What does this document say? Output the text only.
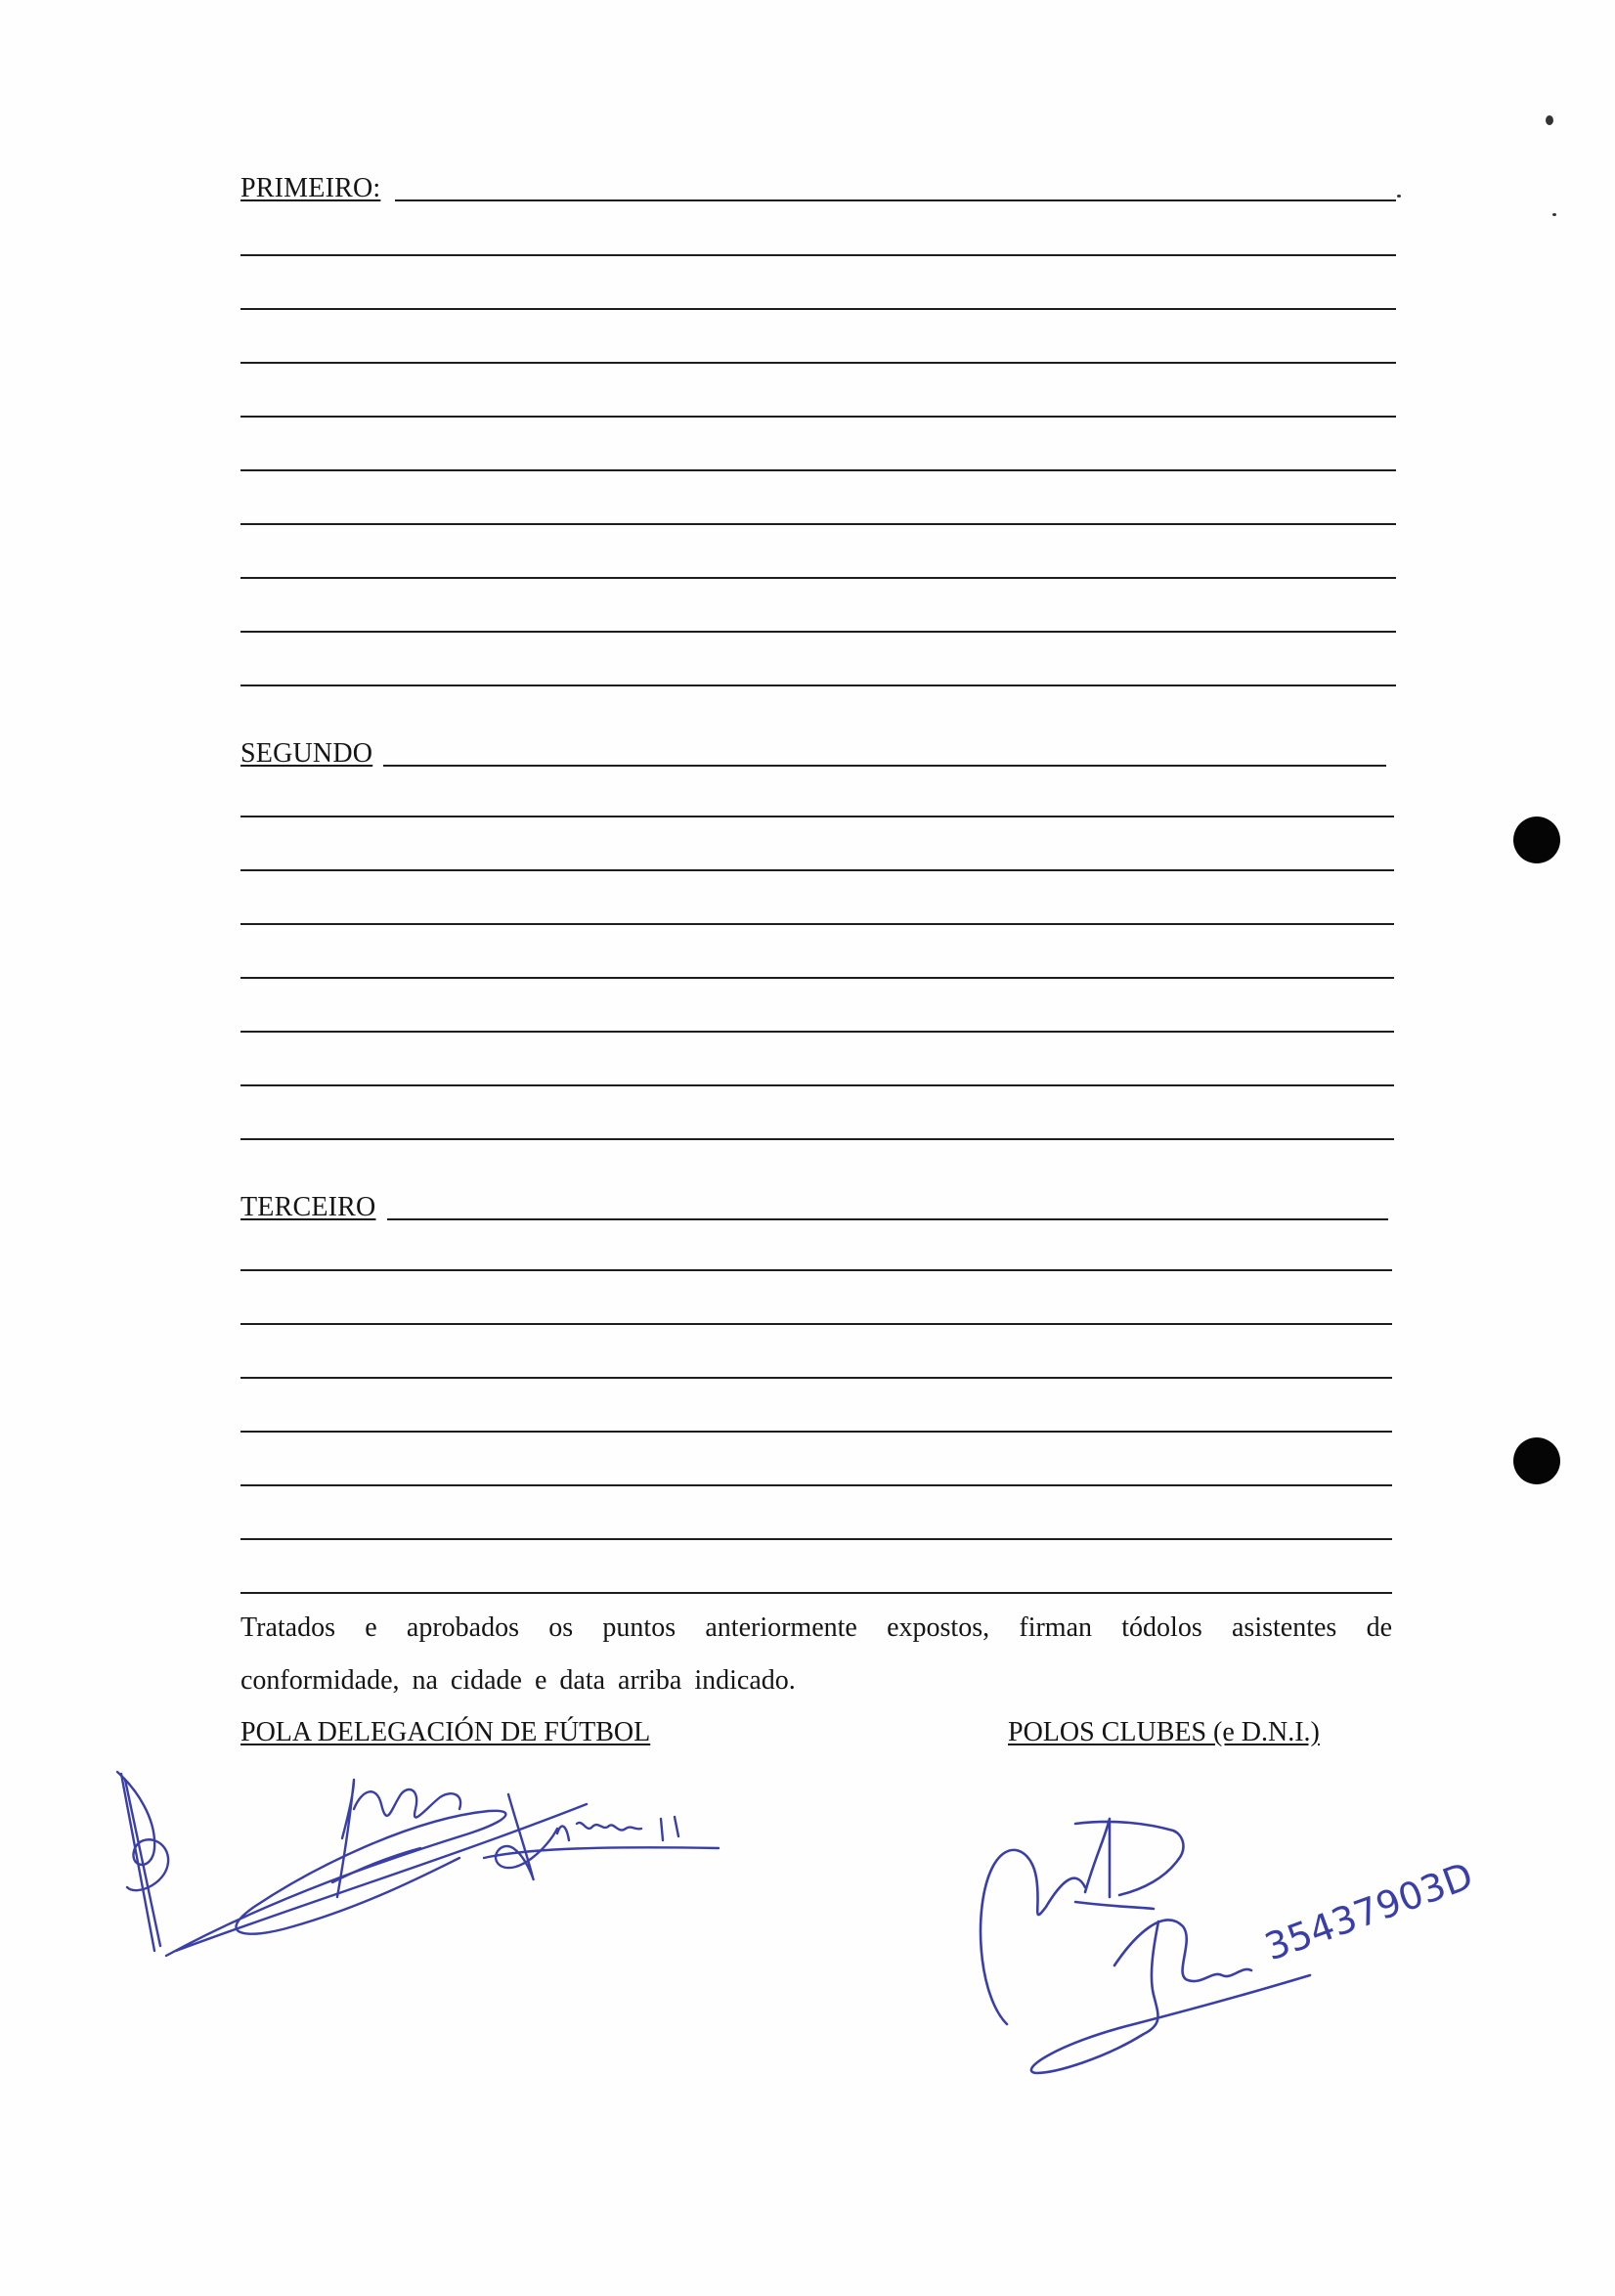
PRIMEIRO:
SEGUNDO
TERCEIRO
Tratados e aprobados os puntos anteriormente expostos, firman tódolos asistentes de conformidade, na cidade e data arriba indicado.
POLA DELEGACIÓN DE FÚTBOL	POLOS CLUBES (e D.N.I.)
35437903D
